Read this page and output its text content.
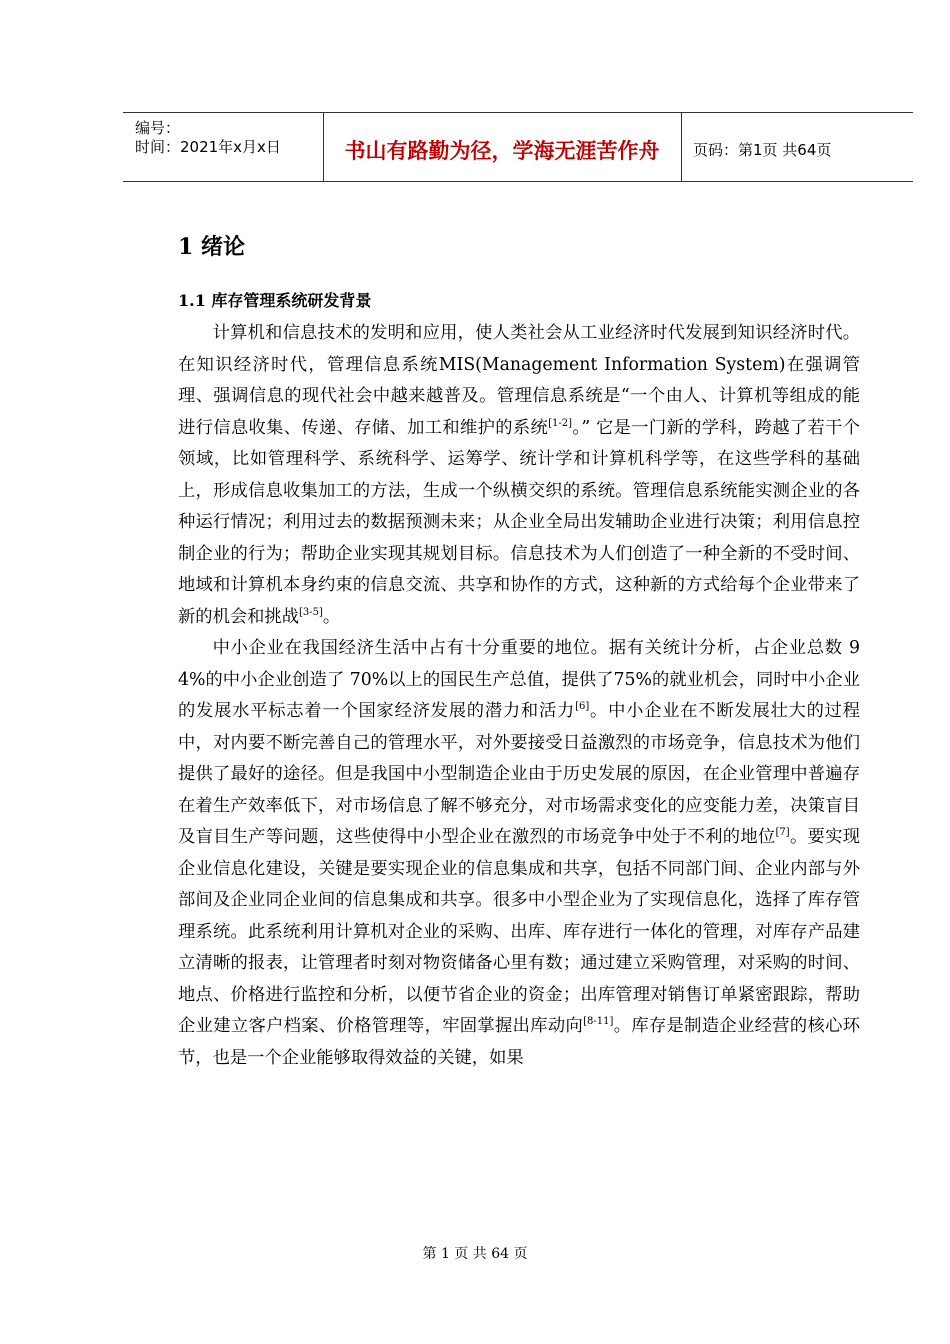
编号：
时间：2021年x月x日	书山有路勤为径，学海无涯苦作舟	页码：第1页 共64页
1 绪论
1.1 库存管理系统研发背景

计算机和信息技术的发明和应用，使人类社会从工业经济时代发展到知识经济时代。在知识经济时代，管理信息系统MIS(Management Information System)在强调管理、强调信息的现代社会中越来越普及。管理信息系统是“一个由人、计算机等组成的能进行信息收集、传递、存储、加工和维护的系统[1-2]。” 它是一门新的学科，跨越了若干个领域，比如管理科学、系统科学、运筹学、统计学和计算机科学等，在这些学科的基础上，形成信息收集加工的方法，生成一个纵横交织的系统。管理信息系统能实测企业的各种运行情况；利用过去的数据预测未来；从企业全局出发辅助企业进行决策；利用信息控制企业的行为；帮助企业实现其规划目标。信息技术为人们创造了一种全新的不受时间、地域和计算机本身约束的信息交流、共享和协作的方式，这种新的方式给每个企业带来了新的机会和挑战[3-5]。

中小企业在我国经济生活中占有十分重要的地位。据有关统计分析，占企业总数 94%的中小企业创造了 70%以上的国民生产总值，提供了75%的就业机会，同时中小企业的发展水平标志着一个国家经济发展的潜力和活力[6]。中小企业在不断发展壮大的过程中，对内要不断完善自己的管理水平，对外要接受日益激烈的市场竞争，信息技术为他们提供了最好的途径。但是我国中小型制造企业由于历史发展的原因，在企业管理中普遍存在着生产效率低下，对市场信息了解不够充分，对市场需求变化的应变能力差，决策盲目及盲目生产等问题，这些使得中小型企业在激烈的市场竞争中处于不利的地位[7]。要实现企业信息化建设，关键是要实现企业的信息集成和共享，包括不同部门间、企业内部与外部间及企业同企业间的信息集成和共享。很多中小型企业为了实现信息化，选择了库存管理系统。此系统利用计算机对企业的采购、出库、库存进行一体化的管理，对库存产品建立清晰的报表，让管理者时刻对物资储备心里有数；通过建立采购管理，对采购的时间、地点、价格进行监控和分析，以便节省企业的资金；出库管理对销售订单紧密跟踪，帮助企业建立客户档案、价格管理等，牢固掌握出库动向[8-11]。库存是制造企业经营的核心环节，也是一个企业能够取得效益的关键，如果

第 1 页 共 64 页
